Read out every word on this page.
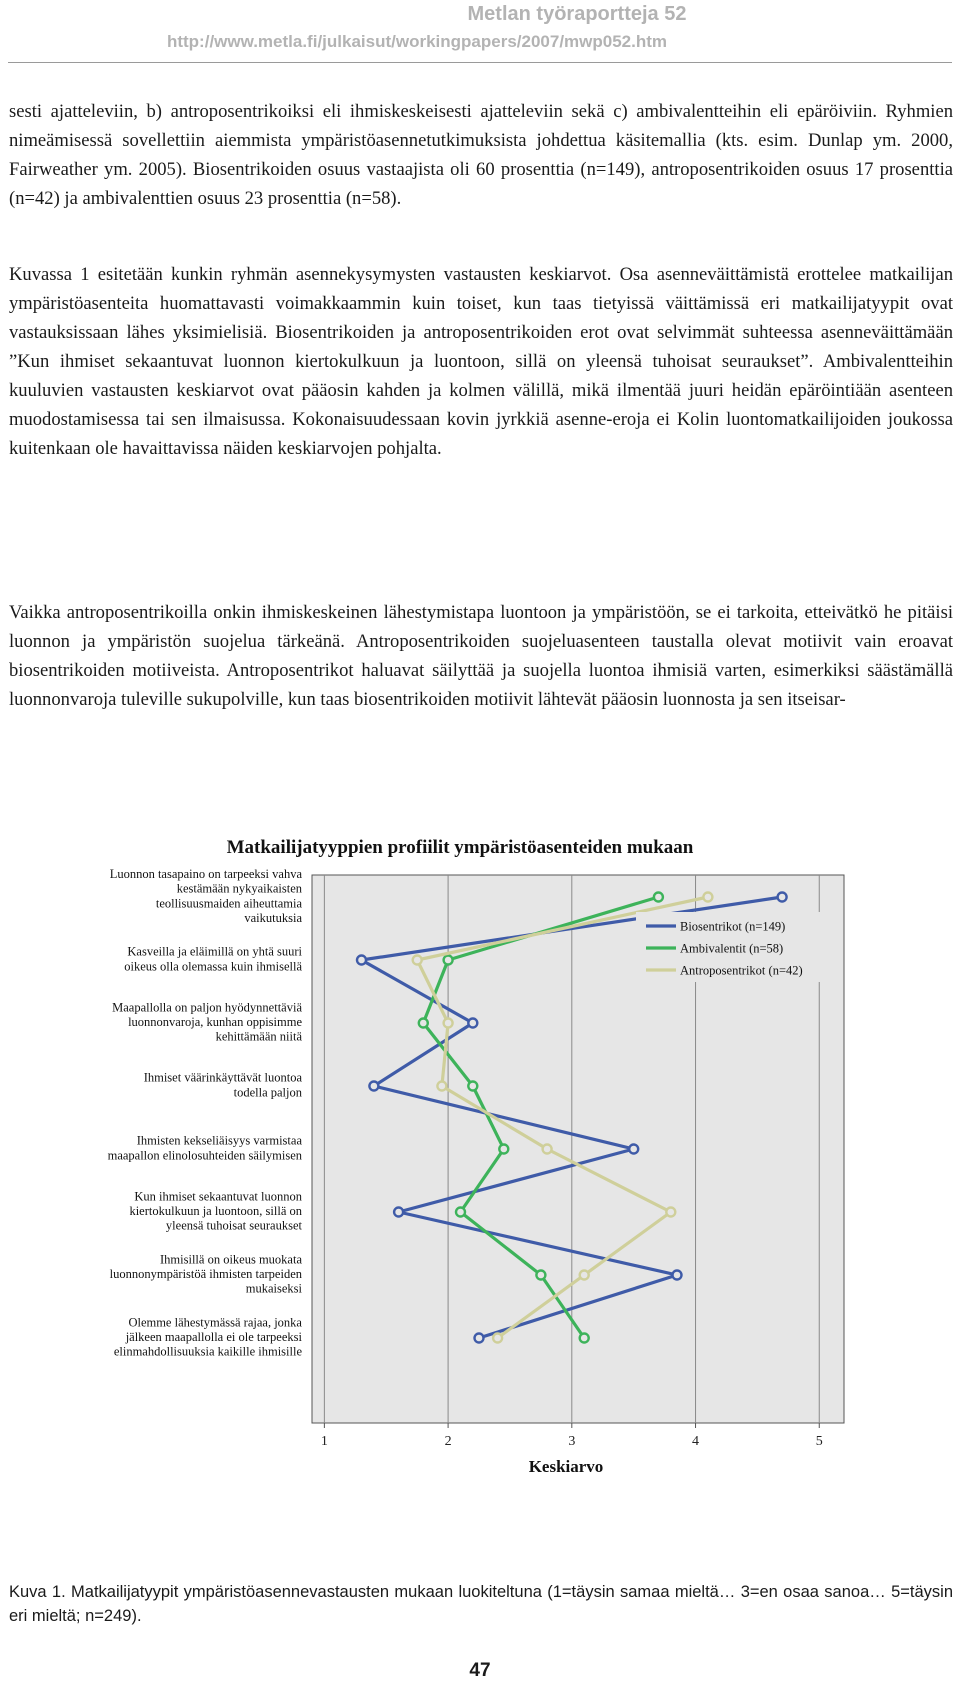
Metlan työraportteja 52
http://www.metla.fi/julkaisut/workingpapers/2007/mwp052.htm

sesti ajatteleviin, b) antroposentrikoiksi eli ihmiskeskeisesti ajatteleviin sekä c) ambivalentteihin eli epäröiviin. Ryhmien nimeämisessä sovellettiin aiemmista ympäristöasennetutkimuksista johdettua käsitemallia (kts. esim. Dunlap ym. 2000, Fairweather ym. 2005). Biosentrikoiden osuus vastaajista oli 60 prosenttia (n=149), antroposentrikoiden osuus 17 prosenttia (n=42) ja ambivalenttien osuus 23 prosenttia (n=58).

Kuvassa 1 esitetään kunkin ryhmän asennekysymysten vastausten keskiarvot. Osa asenneväittämistä erottelee matkailijan ympäristöasenteita huomattavasti voimakkaammin kuin toiset, kun taas tietyissä väittämissä eri matkailijatyypit ovat vastauksissaan lähes yksimielisiä. Biosentrikoiden ja antroposentrikoiden erot ovat selvimmät suhteessa asenneväittämään ”Kun ihmiset sekaantuvat luonnon kiertokulkuun ja luontoon, sillä on yleensä tuhoisat seuraukset”. Ambivalentteihin kuuluvien vastausten keskiarvot ovat pääosin kahden ja kolmen välillä, mikä ilmentää juuri heidän epäröintiään asenteen muodostamisessa tai sen ilmaisussa. Kokonaisuudessaan kovin jyrkkiä asenne-eroja ei Kolin luontomatkailijoiden joukossa kuitenkaan ole havaittavissa näiden keskiarvojen pohjalta.

Vaikka antroposentrikoilla onkin ihmiskeskeinen lähestymistapa luontoon ja ympäristöön, se ei tarkoita, etteivätkö he pitäisi luonnon ja ympäristön suojelua tärkeänä. Antroposentrikoiden suojeluasenteen taustalla olevat motiivit vain eroavat biosentrikoiden motiiveista. Antroposentrikot haluavat säilyttää ja suojella luontoa ihmisiä varten, esimerkiksi säästämällä luonnonvaroja tuleville sukupolville, kun taas biosentrikoiden motiivit lähtevät pääosin luonnosta ja sen itseisar-

Matkailijatyyppien profiilit ympäristöasenteiden mukaan
Luonnon tasapaino on tarpeeksi vahva
kestämään nykyaikaisten
teollisuusmaiden aiheuttamia
vaikutuksia
Kasveilla ja eläimillä on yhtä suuri
oikeus olla olemassa kuin ihmisellä
Maapallolla on paljon hyödynnettäviä
luonnonvaroja, kunhan oppisimme
kehittämään niitä
Ihmiset väärinkäyttävät luontoa
todella paljon
Ihmisten kekseliäisyys varmistaa
maapallon elinolosuhteiden säilymisen
Kun ihmiset sekaantuvat luonnon
kiertokulkuun ja luontoon, sillä on
yleensä tuhoisat seuraukset
Ihmisillä on oikeus muokata
luonnonympäristöä ihmisten tarpeiden
mukaiseksi
Olemme lähestymässä rajaa, jonka
jälkeen maapallolla ei ole tarpeeksi
elinmahdollisuuksia kaikille ihmisille
1	2	3	4	5
Keskiarvo
Biosentrikot (n=149)
Ambivalentit (n=58)
Antroposentrikot (n=42)

Kuva 1. Matkailijatyypit ympäristöasennevastausten mukaan luokiteltuna (1=täysin samaa mieltä… 3=en osaa sanoa… 5=täysin eri mieltä; n=249).

47
